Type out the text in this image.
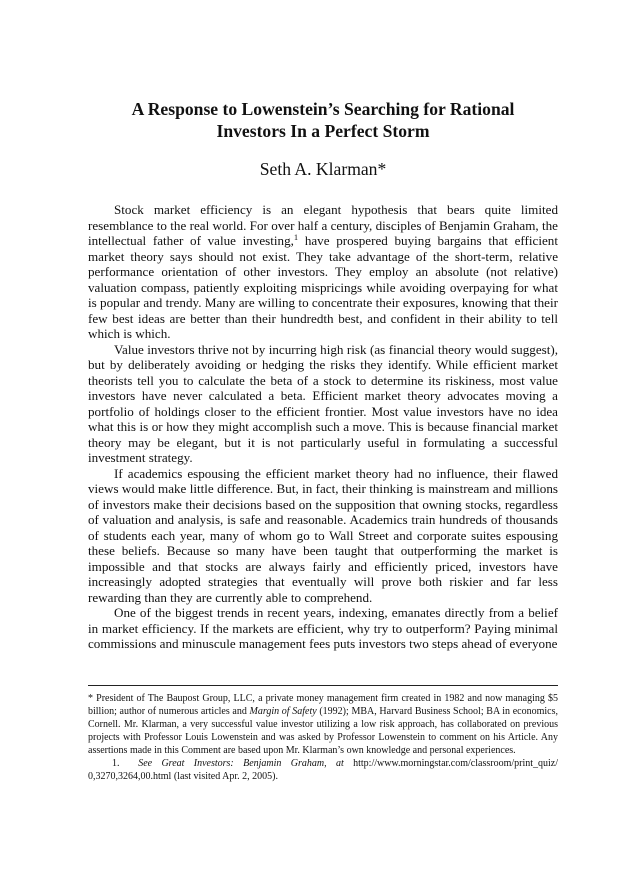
A Response to Lowenstein’s Searching for Rational
Investors In a Perfect Storm
Seth A. Klarman*

Stock market efficiency is an elegant hypothesis that bears quite limited resemblance to the real world. For over half a century, disciples of Benjamin Graham, the intellectual father of value investing,$^1$ have prospered buying bargains that efficient market theory says should not exist. They take advantage of the short-term, relative performance orientation of other investors. They employ an absolute (not relative) valuation compass, patiently exploiting mispricings while avoiding overpaying for what is popular and trendy. Many are willing to concentrate their exposures, knowing that their few best ideas are better than their hundredth best, and confident in their ability to tell which is which.

Value investors thrive not by incurring high risk (as financial theory would suggest), but by deliberately avoiding or hedging the risks they identify. While efficient market theorists tell you to calculate the beta of a stock to determine its riskiness, most value investors have never calculated a beta. Efficient market theory advocates moving a portfolio of holdings closer to the efficient frontier. Most value investors have no idea what this is or how they might accomplish such a move. This is because financial market theory may be elegant, but it is not particularly useful in formulating a successful investment strategy.

If academics espousing the efficient market theory had no influence, their flawed views would make little difference. But, in fact, their thinking is mainstream and millions of investors make their decisions based on the supposition that owning stocks, regardless of valuation and analysis, is safe and reasonable. Academics train hundreds of thousands of students each year, many of whom go to Wall Street and corporate suites espousing these beliefs. Because so many have been taught that outperforming the market is impossible and that stocks are always fairly and efficiently priced, investors have increasingly adopted strategies that eventually will prove both riskier and far less rewarding than they are currently able to comprehend.

One of the biggest trends in recent years, indexing, emanates directly from a belief in market efficiency. If the markets are efficient, why try to outperform? Paying minimal commissions and minuscule management fees puts investors two steps ahead of everyone

* President of The Baupost Group, LLC, a private money management firm created in 1982 and now managing $5 billion; author of numerous articles and Margin of Safety (1992); MBA, Harvard Business School; BA in economics, Cornell. Mr. Klarman, a very successful value investor utilizing a low risk approach, has collaborated on previous projects with Professor Louis Lowenstein and was asked by Professor Lowenstein to comment on his Article. Any assertions made in this Comment are based upon Mr. Klarman’s own knowledge and personal experiences.

1. See Great Investors: Benjamin Graham, at http://www.morningstar.com/classroom/print_quiz/ 0,3270,3264,00.html (last visited Apr. 2, 2005).
